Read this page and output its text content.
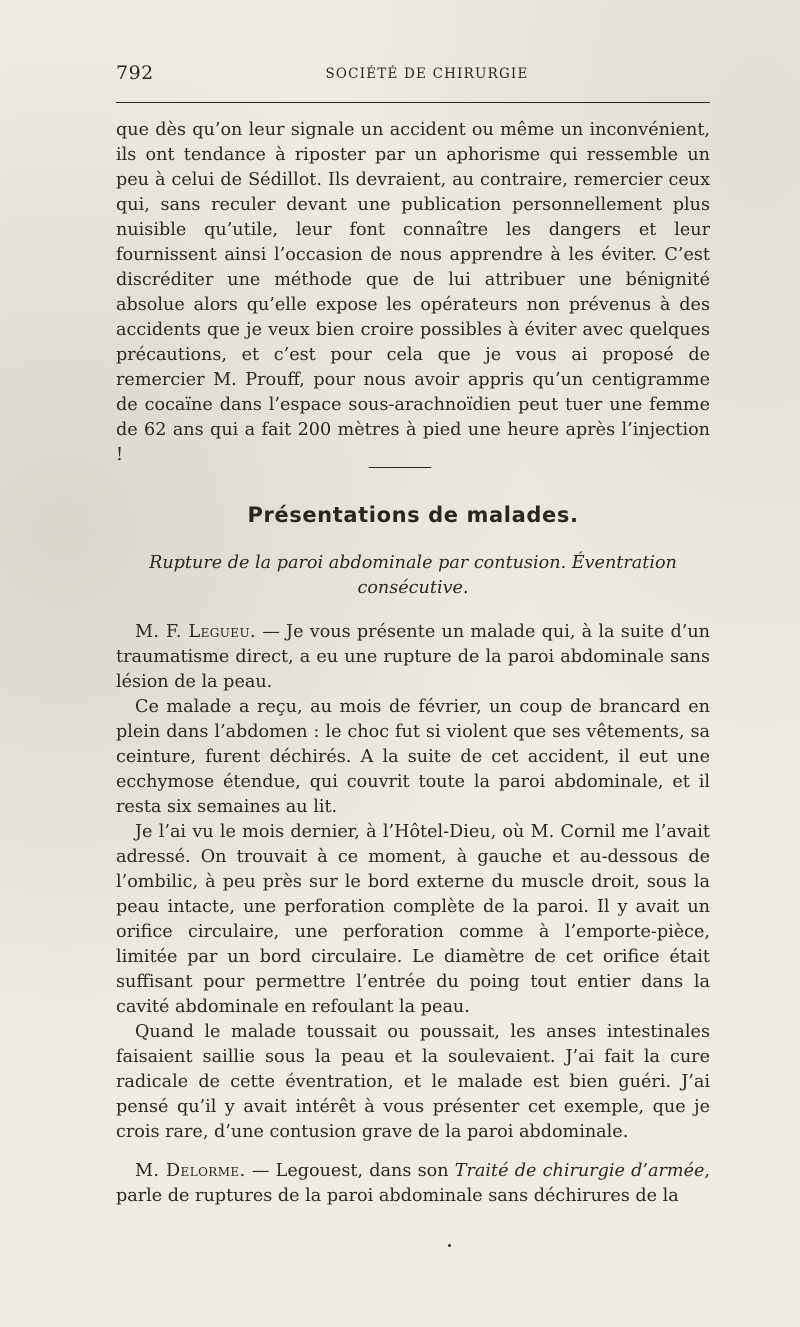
792	SOCIÉTÉ DE CHIRURGIE

que dès qu’on leur signale un accident ou même un inconvénient, ils ont tendance à riposter par un aphorisme qui ressemble un peu à celui de Sédillot. Ils devraient, au contraire, remercier ceux qui, sans reculer devant une publication personnellement plus nuisible qu’utile, leur font connaître les dangers et leur fournissent ainsi l’occasion de nous apprendre à les éviter. C’est discréditer une méthode que de lui attribuer une bénignité absolue alors qu’elle expose les opérateurs non prévenus à des accidents que je veux bien croire possibles à éviter avec quelques précautions, et c’est pour cela que je vous ai proposé de remercier M. Prouff, pour nous avoir appris qu’un centigramme de cocaïne dans l’espace sous-arachnoïdien peut tuer une femme de 62 ans qui a fait 200 mètres à pied une heure après l’injection !

Présentations de malades.
Rupture de la paroi abdominale par contusion. Éventration consécutive.

M. F. Legueu. — Je vous présente un malade qui, à la suite d’un traumatisme direct, a eu une rupture de la paroi abdominale sans lésion de la peau.

Ce malade a reçu, au mois de février, un coup de brancard en plein dans l’abdomen : le choc fut si violent que ses vêtements, sa ceinture, furent déchirés. A la suite de cet accident, il eut une ecchymose étendue, qui couvrit toute la paroi abdominale, et il resta six semaines au lit.

Je l’ai vu le mois dernier, à l’Hôtel-Dieu, où M. Cornil me l’avait adressé. On trouvait à ce moment, à gauche et au-dessous de l’ombilic, à peu près sur le bord externe du muscle droit, sous la peau intacte, une perforation complète de la paroi. Il y avait un orifice circulaire, une perforation comme à l’emporte-pièce, limitée par un bord circulaire. Le diamètre de cet orifice était suffisant pour permettre l’entrée du poing tout entier dans la cavité abdominale en refoulant la peau.

Quand le malade toussait ou poussait, les anses intestinales faisaient saillie sous la peau et la soulevaient. J’ai fait la cure radicale de cette éventration, et le malade est bien guéri. J’ai pensé qu’il y avait intérêt à vous présenter cet exemple, que je crois rare, d’une contusion grave de la paroi abdominale.

M. Delorme. — Legouest, dans son Traité de chirurgie d’armée, parle de ruptures de la paroi abdominale sans déchirures de la
